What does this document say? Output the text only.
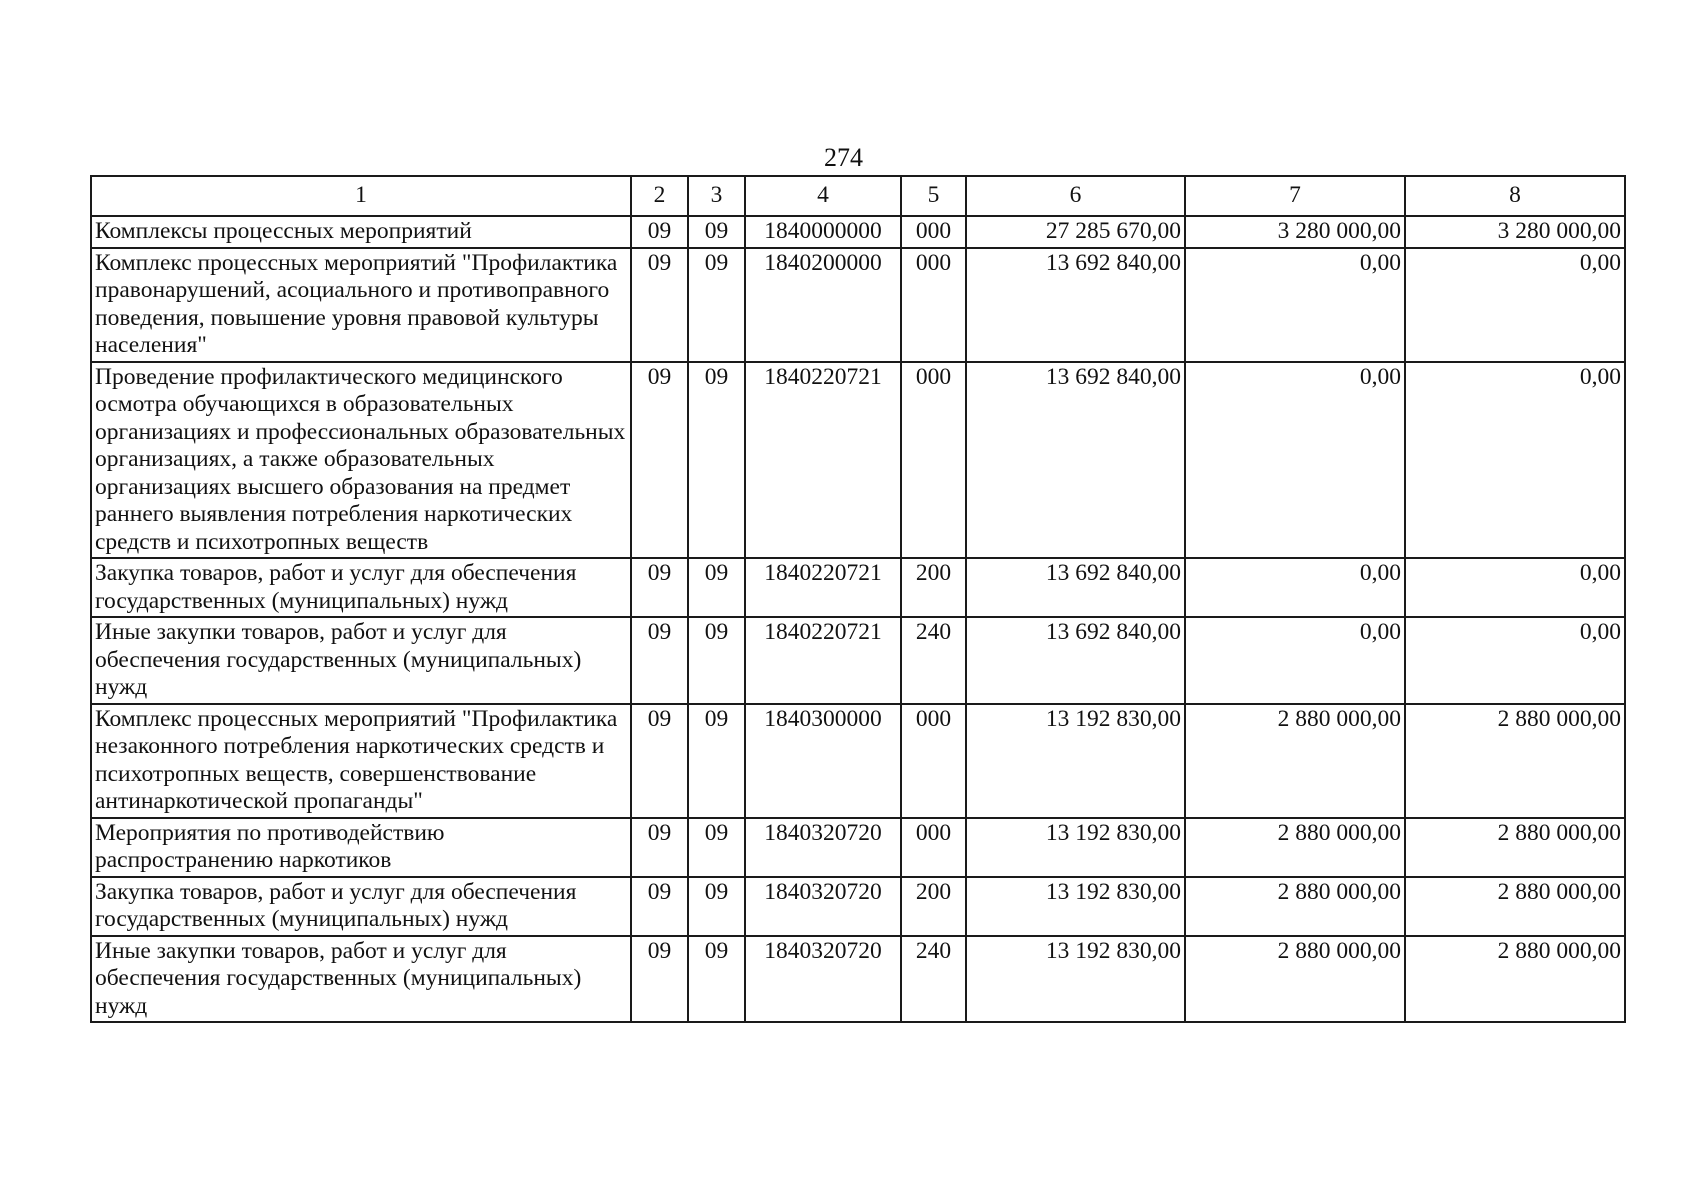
274
1	2	3	4	5	6	7	8
Комплексы процессных мероприятий	09	09	1840000000	000	27 285 670,00	3 280 000,00	3 280 000,00
Комплекс процессных мероприятий "Профилактика правонарушений, асоциального и противоправного поведения, повышение уровня правовой культуры населения"	09	09	1840200000	000	13 692 840,00	0,00	0,00
Проведение профилактического медицинского осмотра обучающихся в образовательных организациях и профессиональных образовательных организациях, а также образовательных организациях высшего образования на предмет раннего выявления потребления наркотических средств и психотропных веществ	09	09	1840220721	000	13 692 840,00	0,00	0,00
Закупка товаров, работ и услуг для обеспечения государственных (муниципальных) нужд	09	09	1840220721	200	13 692 840,00	0,00	0,00
Иные закупки товаров, работ и услуг для обеспечения государственных (муниципальных) нужд	09	09	1840220721	240	13 692 840,00	0,00	0,00
Комплекс процессных мероприятий "Профилактика незаконного потребления наркотических средств и психотропных веществ, совершенствование антинаркотической пропаганды"	09	09	1840300000	000	13 192 830,00	2 880 000,00	2 880 000,00
Мероприятия по противодействию распространению наркотиков	09	09	1840320720	000	13 192 830,00	2 880 000,00	2 880 000,00
Закупка товаров, работ и услуг для обеспечения государственных (муниципальных) нужд	09	09	1840320720	200	13 192 830,00	2 880 000,00	2 880 000,00
Иные закупки товаров, работ и услуг для обеспечения государственных (муниципальных) нужд	09	09	1840320720	240	13 192 830,00	2 880 000,00	2 880 000,00
